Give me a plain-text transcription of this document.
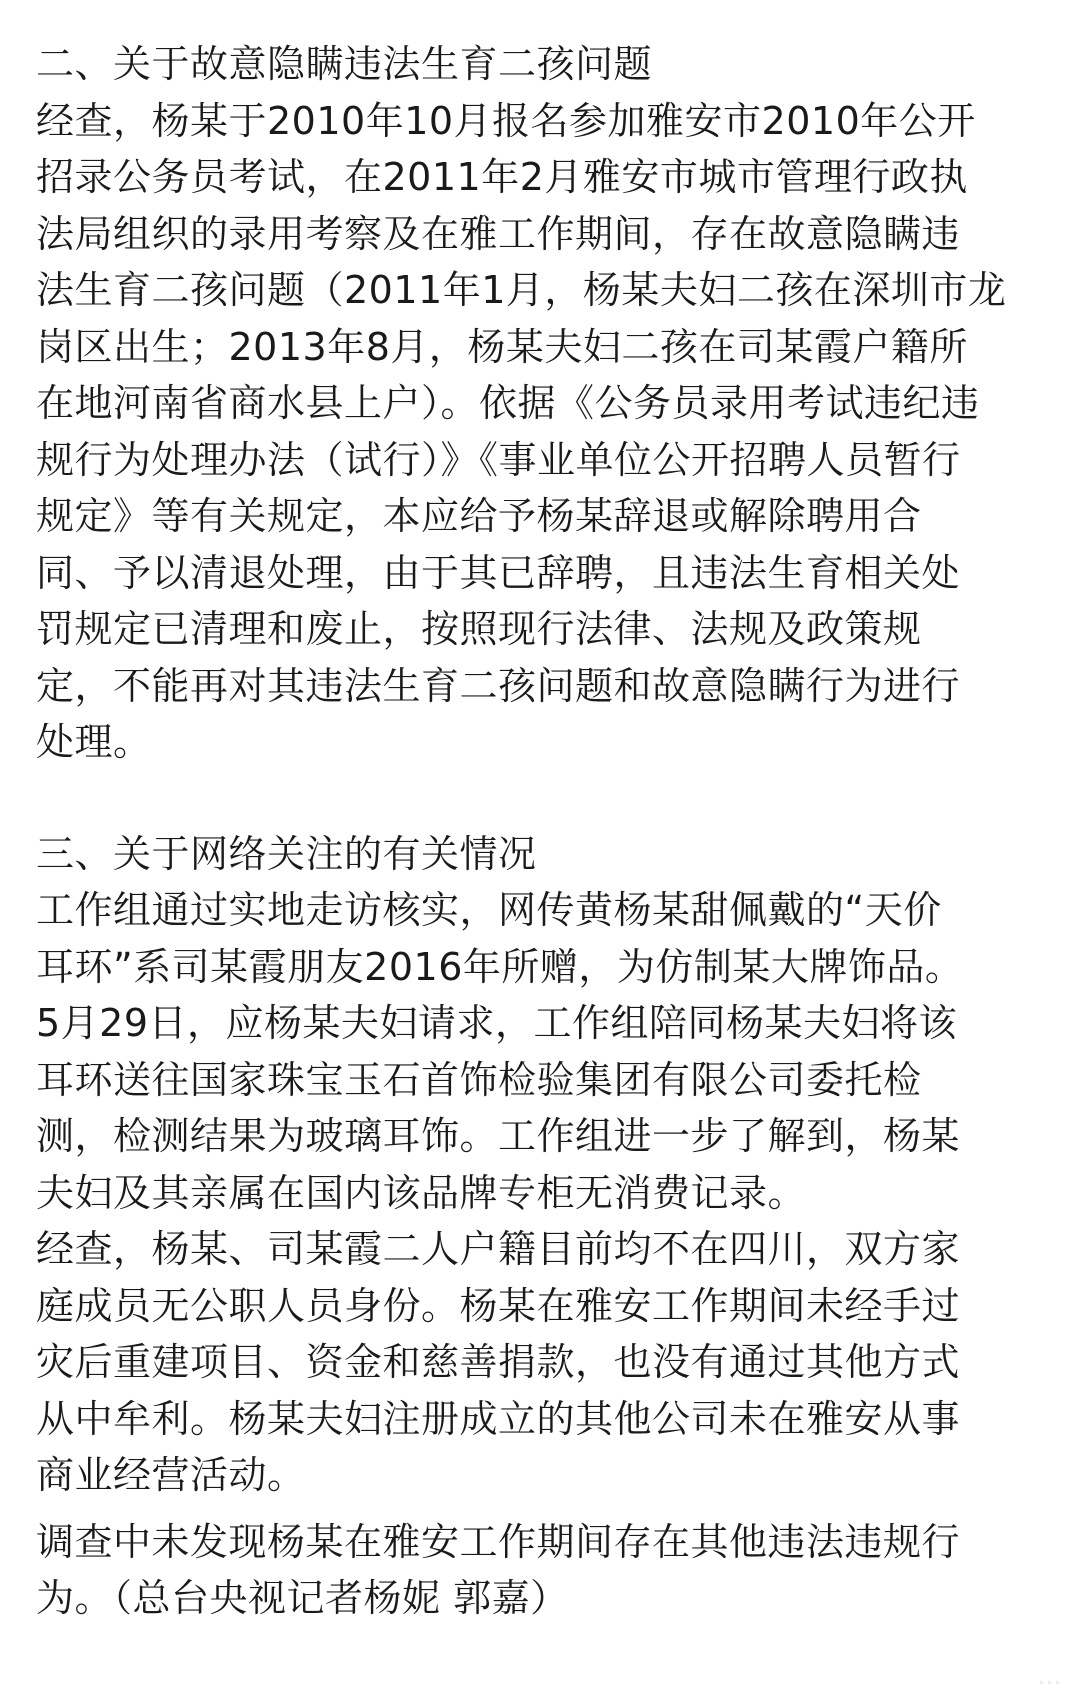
二、关于故意隐瞒违法生育二孩问题
经查，杨某于2010年10月报名参加雅安市2010年公开
招录公务员考试，在2011年2月雅安市城市管理行政执
法局组织的录用考察及在雅工作期间，存在故意隐瞒违
法生育二孩问题（2011年1月，杨某夫妇二孩在深圳市龙
岗区出生；2013年8月，杨某夫妇二孩在司某霞户籍所
在地河南省商水县上户）。依据《公务员录用考试违纪违
规行为处理办法（试行）》《事业单位公开招聘人员暂行
规定》等有关规定，本应给予杨某辞退或解除聘用合
同、予以清退处理，由于其已辞聘，且违法生育相关处
罚规定已清理和废止，按照现行法律、法规及政策规
定，不能再对其违法生育二孩问题和故意隐瞒行为进行
处理。
三、关于网络关注的有关情况
工作组通过实地走访核实，网传黄杨某甜佩戴的“天价
耳环”系司某霞朋友2016年所赠，为仿制某大牌饰品。
5月29日，应杨某夫妇请求，工作组陪同杨某夫妇将该
耳环送往国家珠宝玉石首饰检验集团有限公司委托检
测，检测结果为玻璃耳饰。工作组进一步了解到，杨某
夫妇及其亲属在国内该品牌专柜无消费记录。
经查，杨某、司某霞二人户籍目前均不在四川，双方家
庭成员无公职人员身份。杨某在雅安工作期间未经手过
灾后重建项目、资金和慈善捐款，也没有通过其他方式
从中牟利。杨某夫妇注册成立的其他公司未在雅安从事
商业经营活动。
调查中未发现杨某在雅安工作期间存在其他违法违规行
为。（总台央视记者杨妮 郭嘉）
...
